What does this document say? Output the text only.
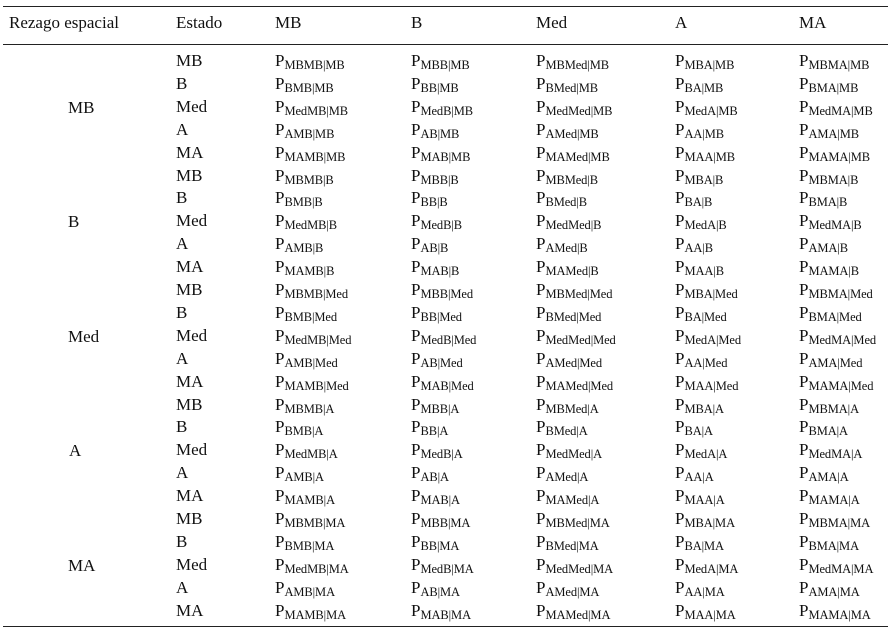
Rezago espacial	Estado	MB	B	Med	A	MA
MB
MB	PMBMB|MB	PMBB|MB	PMBMed|MB	PMBA|MB	PMBMA|MB
B	PBMB|MB	PBB|MB	PBMed|MB	PBA|MB	PBMA|MB
Med	PMedMB|MB	PMedB|MB	PMedMed|MB	PMedA|MB	PMedMA|MB
A	PAMB|MB	PAB|MB	PAMed|MB	PAA|MB	PAMA|MB
MA	PMAMB|MB	PMAB|MB	PMAMed|MB	PMAA|MB	PMAMA|MB
B
MB	PMBMB|B	PMBB|B	PMBMed|B	PMBA|B	PMBMA|B
B	PBMB|B	PBB|B	PBMed|B	PBA|B	PBMA|B
Med	PMedMB|B	PMedB|B	PMedMed|B	PMedA|B	PMedMA|B
A	PAMB|B	PAB|B	PAMed|B	PAA|B	PAMA|B
MA	PMAMB|B	PMAB|B	PMAMed|B	PMAA|B	PMAMA|B
Med
MB	PMBMB|Med	PMBB|Med	PMBMed|Med	PMBA|Med	PMBMA|Med
B	PBMB|Med	PBB|Med	PBMed|Med	PBA|Med	PBMA|Med
Med	PMedMB|Med	PMedB|Med	PMedMed|Med	PMedA|Med	PMedMA|Med
A	PAMB|Med	PAB|Med	PAMed|Med	PAA|Med	PAMA|Med
MA	PMAMB|Med	PMAB|Med	PMAMed|Med	PMAA|Med	PMAMA|Med
A
MB	PMBMB|A	PMBB|A	PMBMed|A	PMBA|A	PMBMA|A
B	PBMB|A	PBB|A	PBMed|A	PBA|A	PBMA|A
Med	PMedMB|A	PMedB|A	PMedMed|A	PMedA|A	PMedMA|A
A	PAMB|A	PAB|A	PAMed|A	PAA|A	PAMA|A
MA	PMAMB|A	PMAB|A	PMAMed|A	PMAA|A	PMAMA|A
MA
MB	PMBMB|MA	PMBB|MA	PMBMed|MA	PMBA|MA	PMBMA|MA
B	PBMB|MA	PBB|MA	PBMed|MA	PBA|MA	PBMA|MA
Med	PMedMB|MA	PMedB|MA	PMedMed|MA	PMedA|MA	PMedMA|MA
A	PAMB|MA	PAB|MA	PAMed|MA	PAA|MA	PAMA|MA
MA	PMAMB|MA	PMAB|MA	PMAMed|MA	PMAA|MA	PMAMA|MA
